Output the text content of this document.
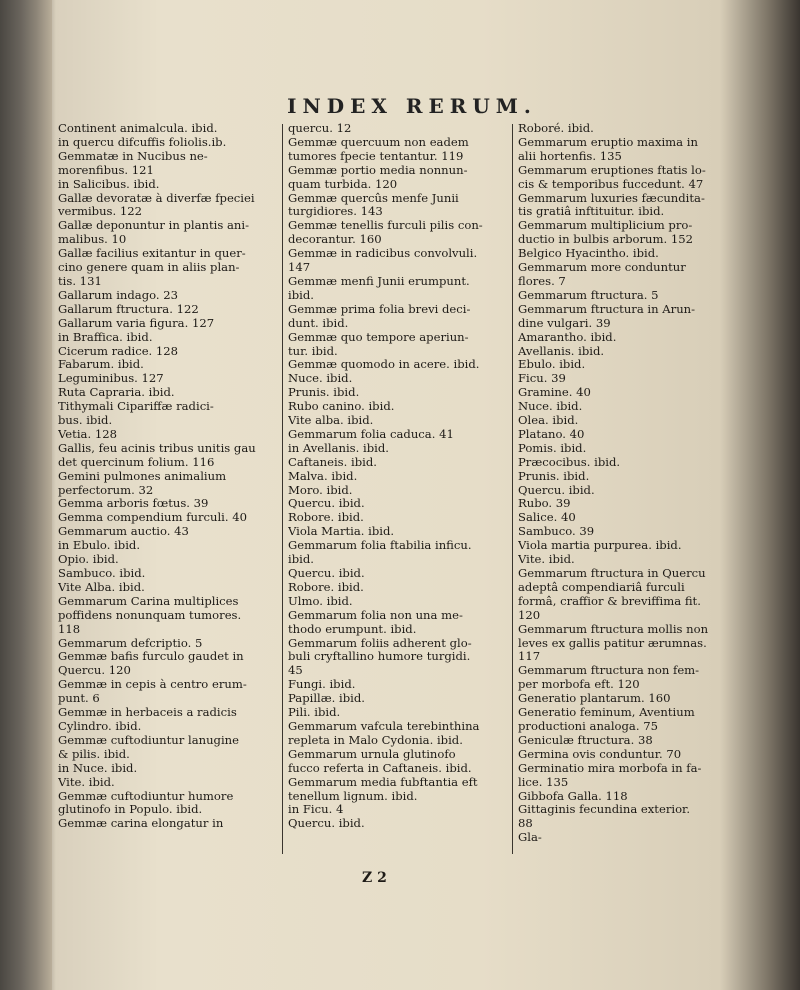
INDEX RERUM.
Continent animalcula. ibid.
in quercu difcuffis foliolis.ib.
Gemmatæ in Nucibus ne-
morenfibus. 121
in Salicibus. ibid.
Gallæ devoratæ à diverfæ fpeciei
vermibus. 122
Gallæ deponuntur in plantis ani-
malibus. 10
Gallæ facilius exitantur in quer-
cino genere quam in aliis plan-
tis. 131
Gallarum indago. 23
Gallarum ftructura. 122
Gallarum varia figura. 127
in Braffica. ibid.
Cicerum radice. 128
Fabarum. ibid.
Leguminibus. 127
Ruta Capraria. ibid.
Tithymali Cipariffæ radici-
bus. ibid.
Vetia. 128
Gallis, feu acinis tribus unitis gau
det quercinum folium. 116
Gemini pulmones animalium
perfectorum. 32
Gemma arboris fœtus. 39
Gemma compendium furculi. 40
Gemmarum auctio. 43
in Ebulo. ibid.
Opio. ibid.
Sambuco. ibid.
Vite Alba. ibid.
Gemmarum Carina multiplices
poffidens nonunquam tumores.
118
Gemmarum defcriptio. 5
Gemmæ bafis furculo gaudet in
Quercu. 120
Gemmæ in cepis à centro erum-
punt. 6
Gemmæ in herbaceis a radicis
Cylindro. ibid.
Gemmæ cuftodiuntur lanugine
& pilis. ibid.
in Nuce. ibid.
Vite. ibid.
Gemmæ cuftodiuntur humore
glutinofo in Populo. ibid.
Gemmæ carina elongatur in
quercu. 12
Gemmæ quercuum non eadem
tumores fpecie tentantur. 119
Gemmæ portio media nonnun-
quam turbida. 120
Gemmæ quercûs menfe Junii
turgidiores. 143
Gemmæ tenellis furculi pilis con-
decorantur. 160
Gemmæ in radicibus convolvuli.
147
Gemmæ menfi Junii erumpunt.
ibid.
Gemmæ prima folia brevi deci-
dunt. ibid.
Gemmæ quo tempore aperiun-
tur. ibid.
Gemmæ quomodo in acere. ibid.
Nuce. ibid.
Prunis. ibid.
Rubo canino. ibid.
Vite alba. ibid.
Gemmarum folia caduca. 41
in Avellanis. ibid.
Caftaneis. ibid.
Malva. ibid.
Moro. ibid.
Quercu. ibid.
Robore. ibid.
Viola Martia. ibid.
Gemmarum folia ftabilia inficu.
ibid.
Quercu. ibid.
Robore. ibid.
Ulmo. ibid.
Gemmarum folia non una me-
thodo erumpunt. ibid.
Gemmarum foliis adherent glo-
buli cryftallino humore turgidi.
45
Fungi. ibid.
Papillæ. ibid.
Pili. ibid.
Gemmarum vafcula terebinthina
repleta in Malo Cydonia. ibid.
Gemmarum urnula glutinofo
fucco referta in Caftaneis. ibid.
Gemmarum media fubftantia eft
tenellum lignum. ibid.
in Ficu. 4
Quercu. ibid.
Roboré. ibid.
Gemmarum eruptio maxima in
alii hortenfis. 135
Gemmarum eruptiones ftatis lo-
cis & temporibus fuccedunt. 47
Gemmarum luxuries fæcundita-
tis gratiâ inftituitur. ibid.
Gemmarum multiplicium pro-
ductio in bulbis arborum. 152
Belgico Hyacintho. ibid.
Gemmarum more conduntur
flores. 7
Gemmarum ftructura. 5
Gemmarum ftructura in Arun-
dine vulgari. 39
Amarantho. ibid.
Avellanis. ibid.
Ebulo. ibid.
Ficu. 39
Gramine. 40
Nuce. ibid.
Olea. ibid.
Platano. 40
Pomis. ibid.
Præcocibus. ibid.
Prunis. ibid.
Quercu. ibid.
Rubo. 39
Salice. 40
Sambuco. 39
Viola martia purpurea. ibid.
Vite. ibid.
Gemmarum ftructura in Quercu
adeptâ compendiariâ furculi
formâ, craffior & breviffima fit.
120
Gemmarum ftructura mollis non
leves ex gallis patitur ærumnas.
117
Gemmarum ftructura non fem-
per morbofa eft. 120
Generatio plantarum. 160
Generatio feminum, Aventium
productioni analoga. 75
Geniculæ ftructura. 38
Germina ovis conduntur. 70
Germinatio mira morbofa in fa-
lice. 135
Gibbofa Galla. 118
Gittaginis fecundina exterior.
88
Gla-
Z 2
